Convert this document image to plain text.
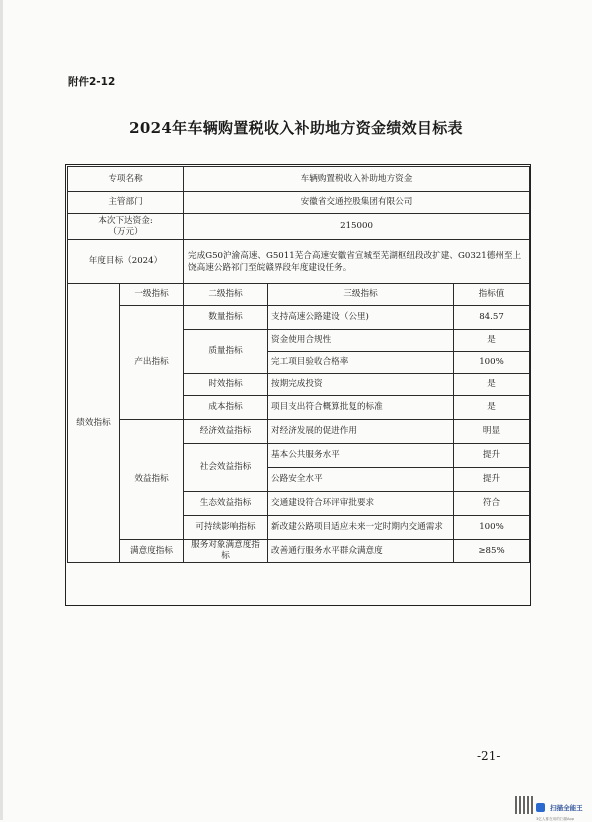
附件2-12
2024年车辆购置税收入补助地方资金绩效目标表
专项名称		车辆购置税收入补助地方资金		
主管部门		安徽省交通控股集团有限公司		
本次下达资金:
（万元）		215000		
年度目标（2024）		完成G50沪渝高速、G5011芜合高速安徽省宣城至芜湖枢纽段改扩建、G0321德州至上饶高速公路祁门至皖赣界段年度建设任务。		
绩效指标	一级指标	二级指标	三级指标	指标值
	产出指标	数量指标	支持高速公路建设（公里)	84.57
		质量指标	资金使用合规性	是
			完工项目验收合格率	100%
		时效指标	按期完成投资	是
		成本指标	项目支出符合概算批复的标准	是
	效益指标	经济效益指标	对经济发展的促进作用	明显
		社会效益指标	基本公共服务水平	提升
			公路安全水平	提升
		生态效益指标	交通建设符合环评审批要求	符合
		可持续影响指标	新改建公路项目适应未来一定时期内交通需求	100%
	满意度指标	服务对象满意度指标	改善通行服务水平群众满意度	≥85%
-21-
扫描全能王
3亿人都在用的扫描App
